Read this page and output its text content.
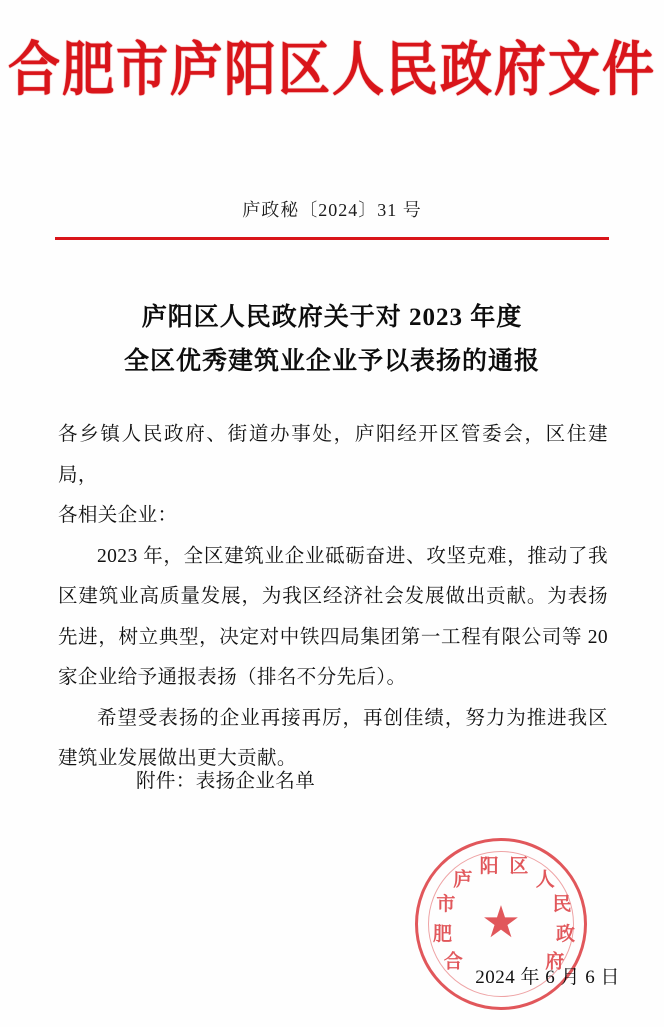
合肥市庐阳区人民政府文件
庐政秘〔2024〕31 号
庐阳区人民政府关于对 2023 年度
全区优秀建筑业企业予以表扬的通报

各乡镇人民政府、街道办事处，庐阳经开区管委会，区住建局，

各相关企业：

2023 年，全区建筑业企业砥砺奋进、攻坚克难，推动了我区建筑业高质量发展，为我区经济社会发展做出贡献。为表扬先进，树立典型，决定对中铁四局集团第一工程有限公司等 20 家企业给予通报表扬（排名不分先后）。

希望受表扬的企业再接再厉，再创佳绩，努力为推进我区建筑业发展做出更大贡献。

附件：表扬企业名单
合
肥
市
庐
阳 区
人
民
政
府
★
2024 年 6 月 6 日
